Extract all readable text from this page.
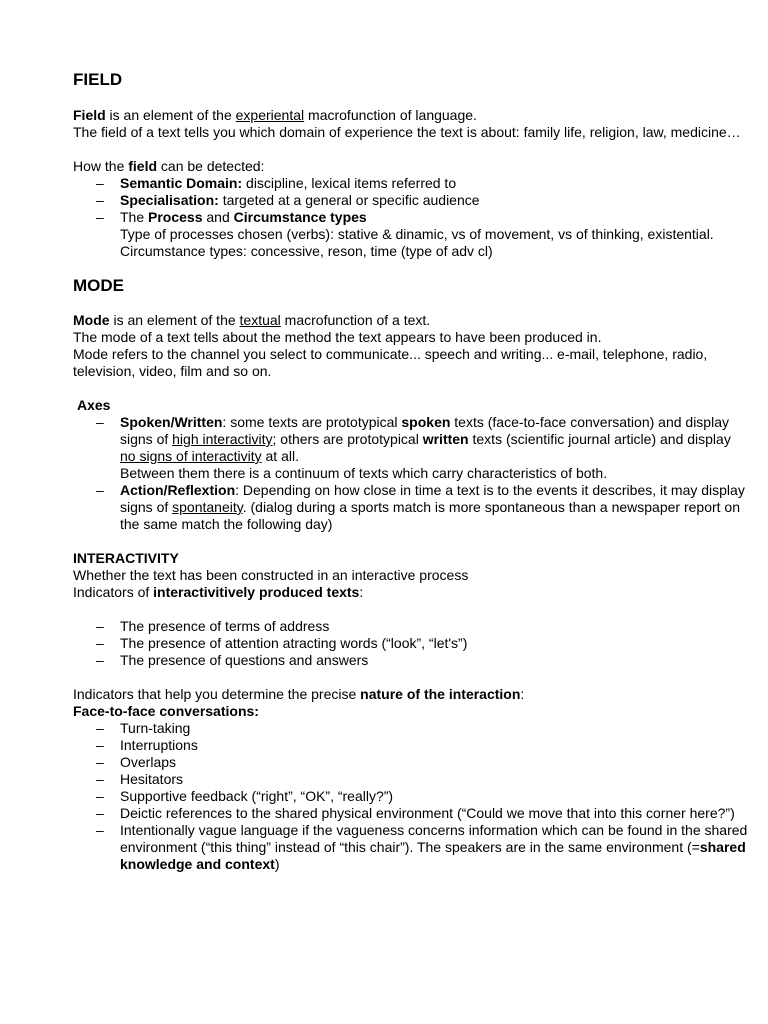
FIELD

Field is an element of the experiental macrofunction of language.

The field of a text tells you which domain of experience the text is about: family life, religion, law, medicine…

How the field can be detected:

– Semantic Domain: discipline, lexical items referred to
– Specialisation: targeted at a general or specific audience
– The Process and Circumstance types
Type of processes chosen (verbs): stative & dinamic, vs of movement, vs of thinking, existential.
Circumstance types: concessive, reson, time (type of adv cl)
MODE

Mode is an element of the textual macrofunction of a text.

The mode of a text tells about the method the text appears to have been produced in.

Mode refers to the channel you select to communicate... speech and writing... e-mail, telephone, radio, television, video, film and so on.

Axes

– Spoken/Written: some texts are prototypical spoken texts (face-to-face conversation) and display signs of high interactivity; others are prototypical written texts (scientific journal article) and display no signs of interactivity at all.
Between them there is a continuum of texts which carry characteristics of both.
– Action/Reflextion: Depending on how close in time a text is to the events it describes, it may display signs of spontaneity. (dialog during a sports match is more spontaneous than a newspaper report on the same match the following day)

INTERACTIVITY

Whether the text has been constructed in an interactive process

Indicators of interactivitively produced texts:

– The presence of terms of address
– The presence of attention atracting words (“look”, “let's”)
– The presence of questions and answers

Indicators that help you determine the precise nature of the interaction:

Face-to-face conversations:

– Turn-taking
– Interruptions
– Overlaps
– Hesitators
– Supportive feedback (“right”, “OK”, “really?”)
– Deictic references to the shared physical environment (“Could we move that into this corner here?”)
– Intentionally vague language if the vagueness concerns information which can be found in the shared environment (“this thing” instead of “this chair”). The speakers are in the same environment (=shared knowledge and context)
